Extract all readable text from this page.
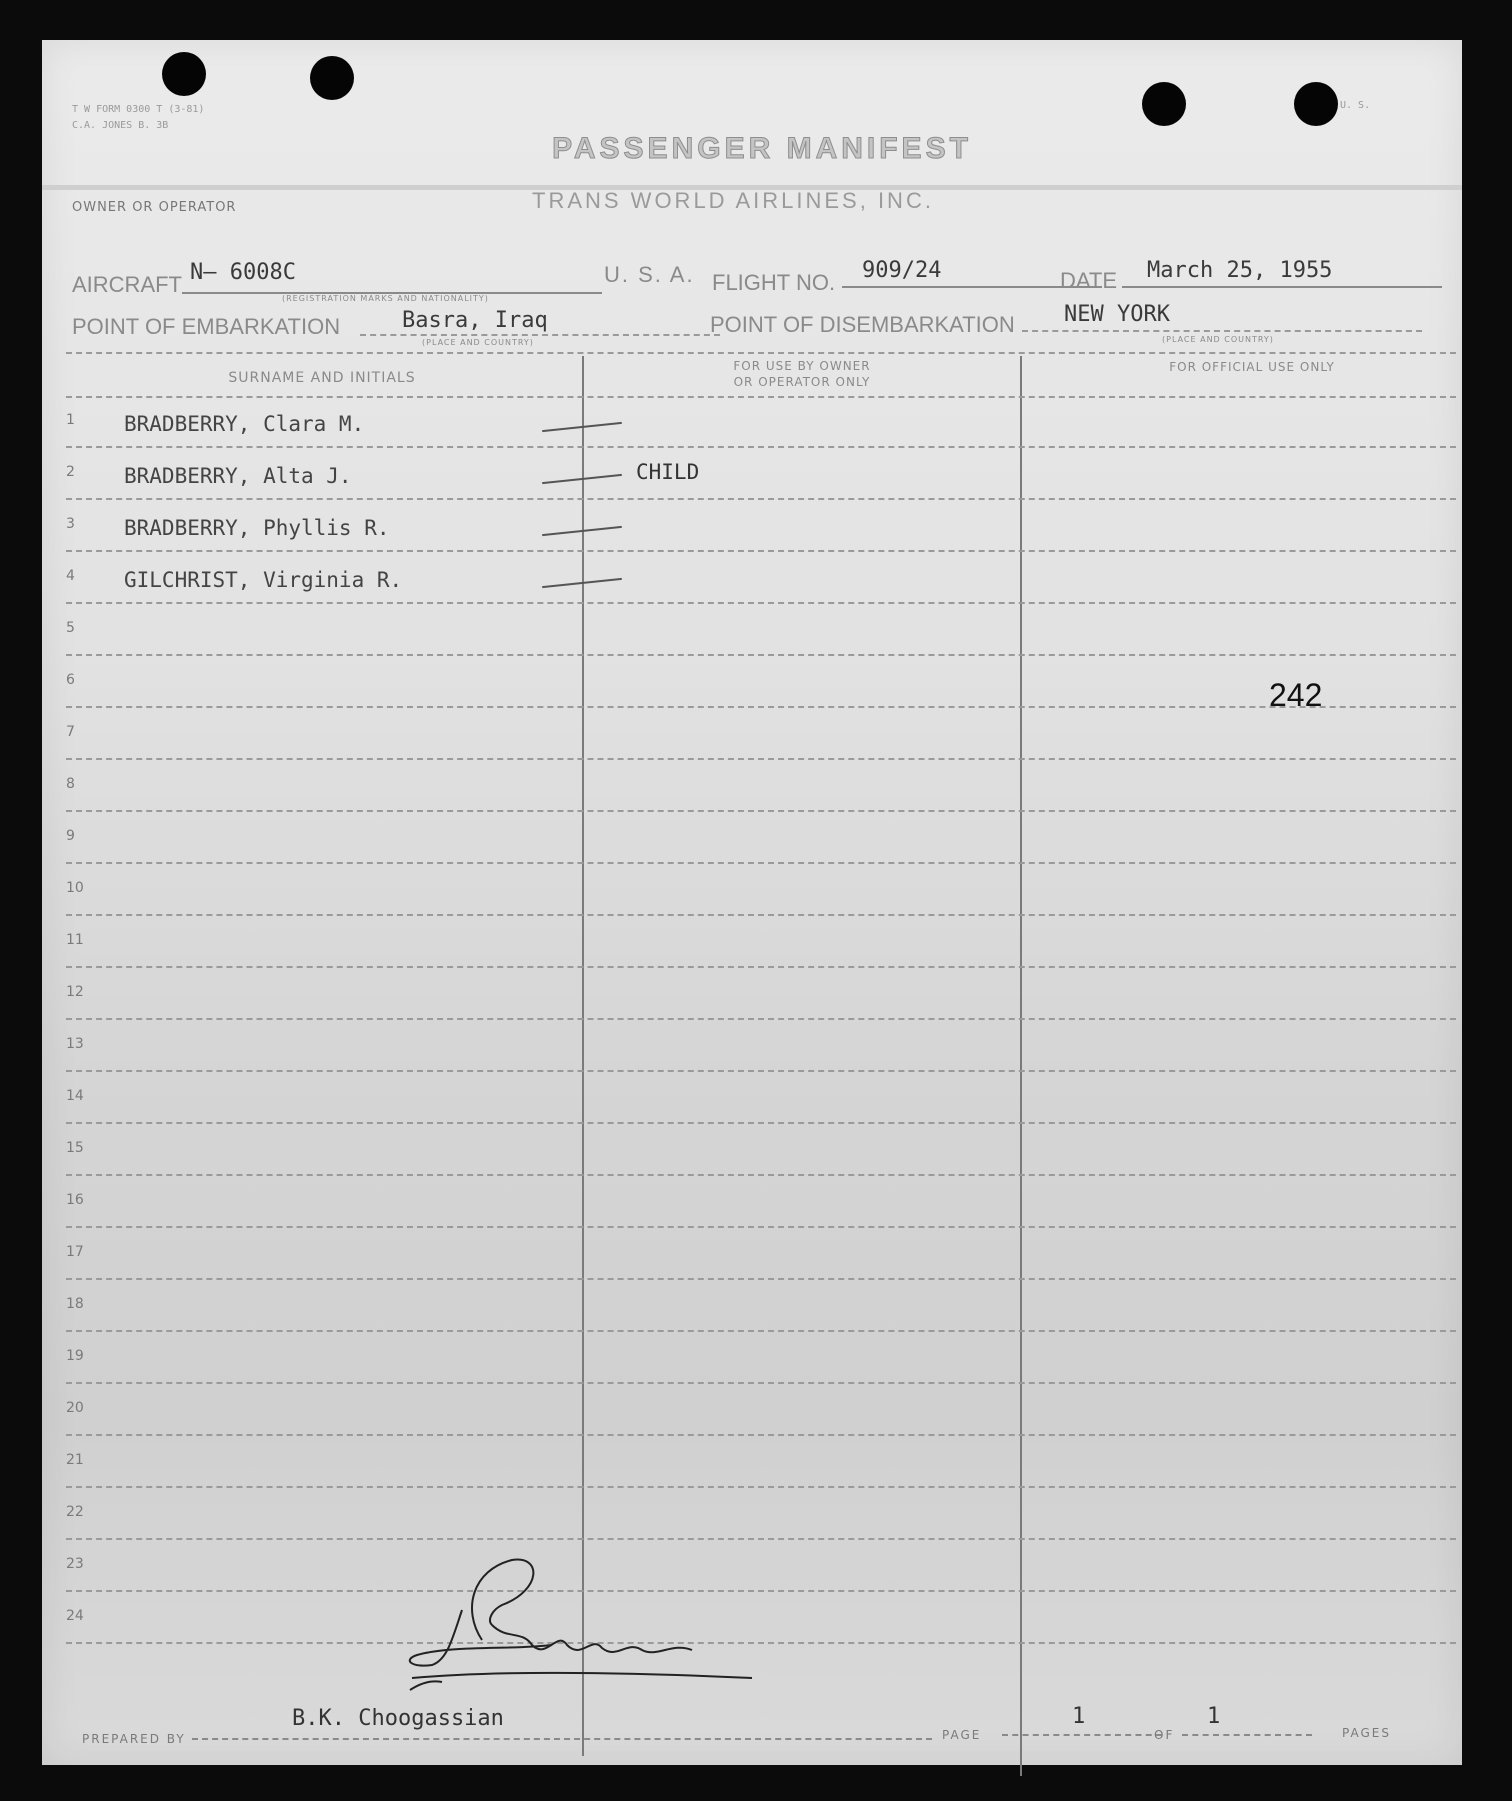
T W FORM 0300 T (3-81)
C.A. JONES B. 3B
U. S.
PASSENGER MANIFEST
OWNER OR OPERATOR	TRANS WORLD AIRLINES, INC.
AIRCRAFT N— 6008C
(REGISTRATION MARKS AND NATIONALITY)
U. S. A. FLIGHT NO. 909/24	DATE March 25, 1955
POINT OF EMBARKATION	Basra, Iraq
(PLACE AND COUNTRY)
POINT OF DISEMBARKATION NEW YORK
(PLACE AND COUNTRY)
SURNAME AND INITIALS
FOR USE BY OWNER
OR OPERATOR ONLY
FOR OFFICIAL USE ONLY
1	BRADBERRY, Clara M.
2	BRADBERRY, Alta J.	CHILD
3	BRADBERRY, Phyllis R.
4	GILCHRIST, Virginia R.
5
6
7
8
9
10
11
12
13
14
15
16
17
18
19
20
21
22
23
24
242
PREPARED BY
B.K. Choogassian
PAGE
1
OF
1
PAGES
